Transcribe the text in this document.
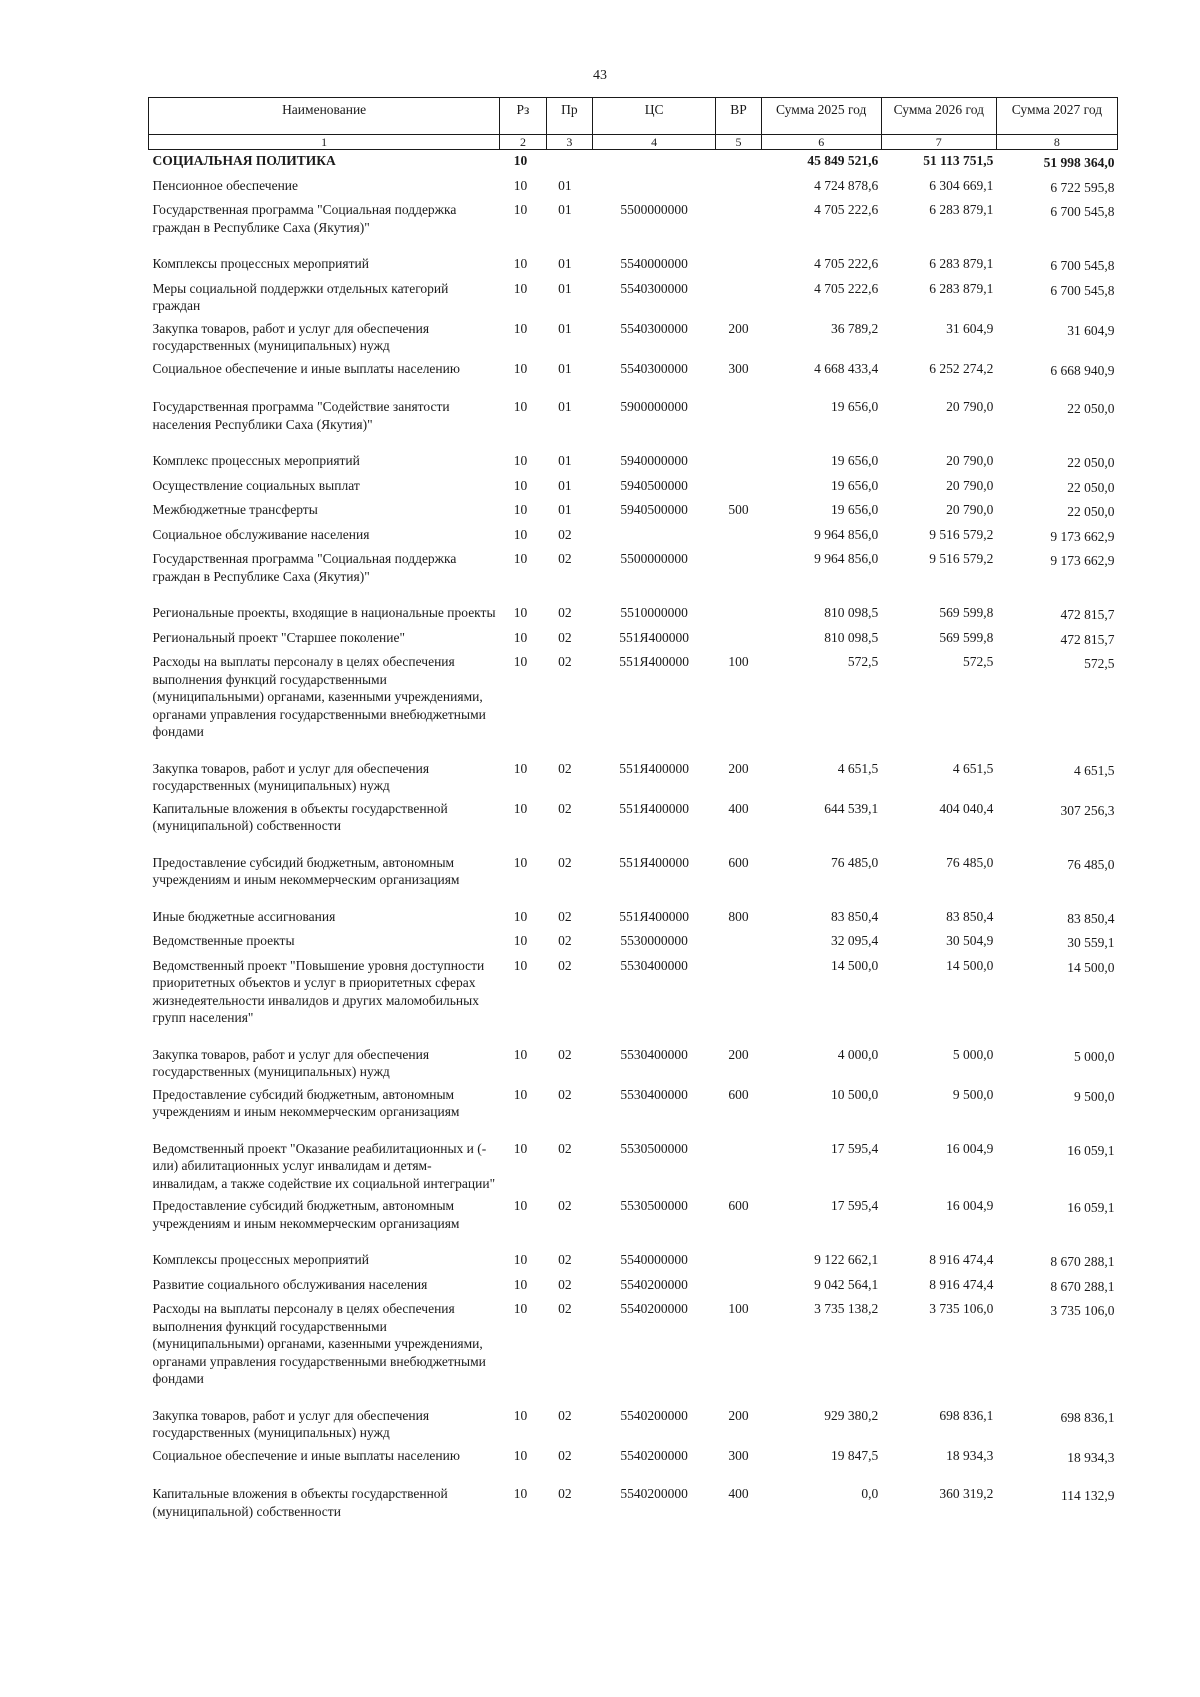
43
Наименование	Рз	Пр	ЦС	ВР	Сумма 2025 год	Сумма 2026 год	Сумма 2027 год
1	2	3	4	5	6	7	8
СОЦИАЛЬНАЯ ПОЛИТИКА	10				45 849 521,6	51 113 751,5	51 998 364,0
Пенсионное обеспечение	10	01			4 724 878,6	6 304 669,1	6 722 595,8
Государственная программа "Социальная поддержка граждан в Республике Саха (Якутия)"	10	01	5500000000		4 705 222,6	6 283 879,1	6 700 545,8

Комплексы процессных мероприятий	10	01	5540000000		4 705 222,6	6 283 879,1	6 700 545,8
Меры социальной поддержки отдельных категорий граждан	10	01	5540300000		4 705 222,6	6 283 879,1	6 700 545,8
Закупка товаров, работ и услуг для обеспечения государственных (муниципальных) нужд	10	01	5540300000	200	36 789,2	31 604,9	31 604,9
Социальное обеспечение и иные выплаты населению	10	01	5540300000	300	4 668 433,4	6 252 274,2	6 668 940,9

Государственная программа "Содействие занятости населения Республики Саха (Якутия)"	10	01	5900000000		19 656,0	20 790,0	22 050,0

Комплекс процессных мероприятий	10	01	5940000000		19 656,0	20 790,0	22 050,0
Осуществление социальных выплат	10	01	5940500000		19 656,0	20 790,0	22 050,0
Межбюджетные трансферты	10	01	5940500000	500	19 656,0	20 790,0	22 050,0
Социальное обслуживание населения	10	02			9 964 856,0	9 516 579,2	9 173 662,9
Государственная программа "Социальная поддержка граждан в Республике Саха (Якутия)"	10	02	5500000000		9 964 856,0	9 516 579,2	9 173 662,9

Региональные проекты, входящие в национальные проекты	10	02	5510000000		810 098,5	569 599,8	472 815,7
Региональный проект "Старшее поколение"	10	02	551Я400000		810 098,5	569 599,8	472 815,7
Расходы на выплаты персоналу в целях обеспечения выполнения функций государственными (муниципальными) органами, казенными учреждениями, органами управления государственными внебюджетными фондами	10	02	551Я400000	100	572,5	572,5	572,5

Закупка товаров, работ и услуг для обеспечения государственных (муниципальных) нужд	10	02	551Я400000	200	4 651,5	4 651,5	4 651,5
Капитальные вложения в объекты государственной (муниципальной) собственности	10	02	551Я400000	400	644 539,1	404 040,4	307 256,3

Предоставление субсидий бюджетным, автономным учреждениям и иным некоммерческим организациям	10	02	551Я400000	600	76 485,0	76 485,0	76 485,0

Иные бюджетные ассигнования	10	02	551Я400000	800	83 850,4	83 850,4	83 850,4
Ведомственные проекты	10	02	5530000000		32 095,4	30 504,9	30 559,1
Ведомственный проект "Повышение уровня доступности приоритетных объектов и услуг в приоритетных сферах жизнедеятельности инвалидов и других маломобильных групп населения"	10	02	5530400000		14 500,0	14 500,0	14 500,0

Закупка товаров, работ и услуг для обеспечения государственных (муниципальных) нужд	10	02	5530400000	200	4 000,0	5 000,0	5 000,0
Предоставление субсидий бюджетным, автономным учреждениям и иным некоммерческим организациям	10	02	5530400000	600	10 500,0	9 500,0	9 500,0

Ведомственный проект "Оказание реабилитационных и (-или) абилитационных услуг инвалидам и детям-инвалидам, а также содействие их социальной интеграции"	10	02	5530500000		17 595,4	16 004,9	16 059,1
Предоставление субсидий бюджетным, автономным учреждениям и иным некоммерческим организациям	10	02	5530500000	600	17 595,4	16 004,9	16 059,1

Комплексы процессных мероприятий	10	02	5540000000		9 122 662,1	8 916 474,4	8 670 288,1
Развитие социального обслуживания населения	10	02	5540200000		9 042 564,1	8 916 474,4	8 670 288,1
Расходы на выплаты персоналу в целях обеспечения выполнения функций государственными (муниципальными) органами, казенными учреждениями, органами управления государственными внебюджетными фондами	10	02	5540200000	100	3 735 138,2	3 735 106,0	3 735 106,0

Закупка товаров, работ и услуг для обеспечения государственных (муниципальных) нужд	10	02	5540200000	200	929 380,2	698 836,1	698 836,1
Социальное обеспечение и иные выплаты населению	10	02	5540200000	300	19 847,5	18 934,3	18 934,3

Капитальные вложения в объекты государственной (муниципальной) собственности	10	02	5540200000	400	0,0	360 319,2	114 132,9
